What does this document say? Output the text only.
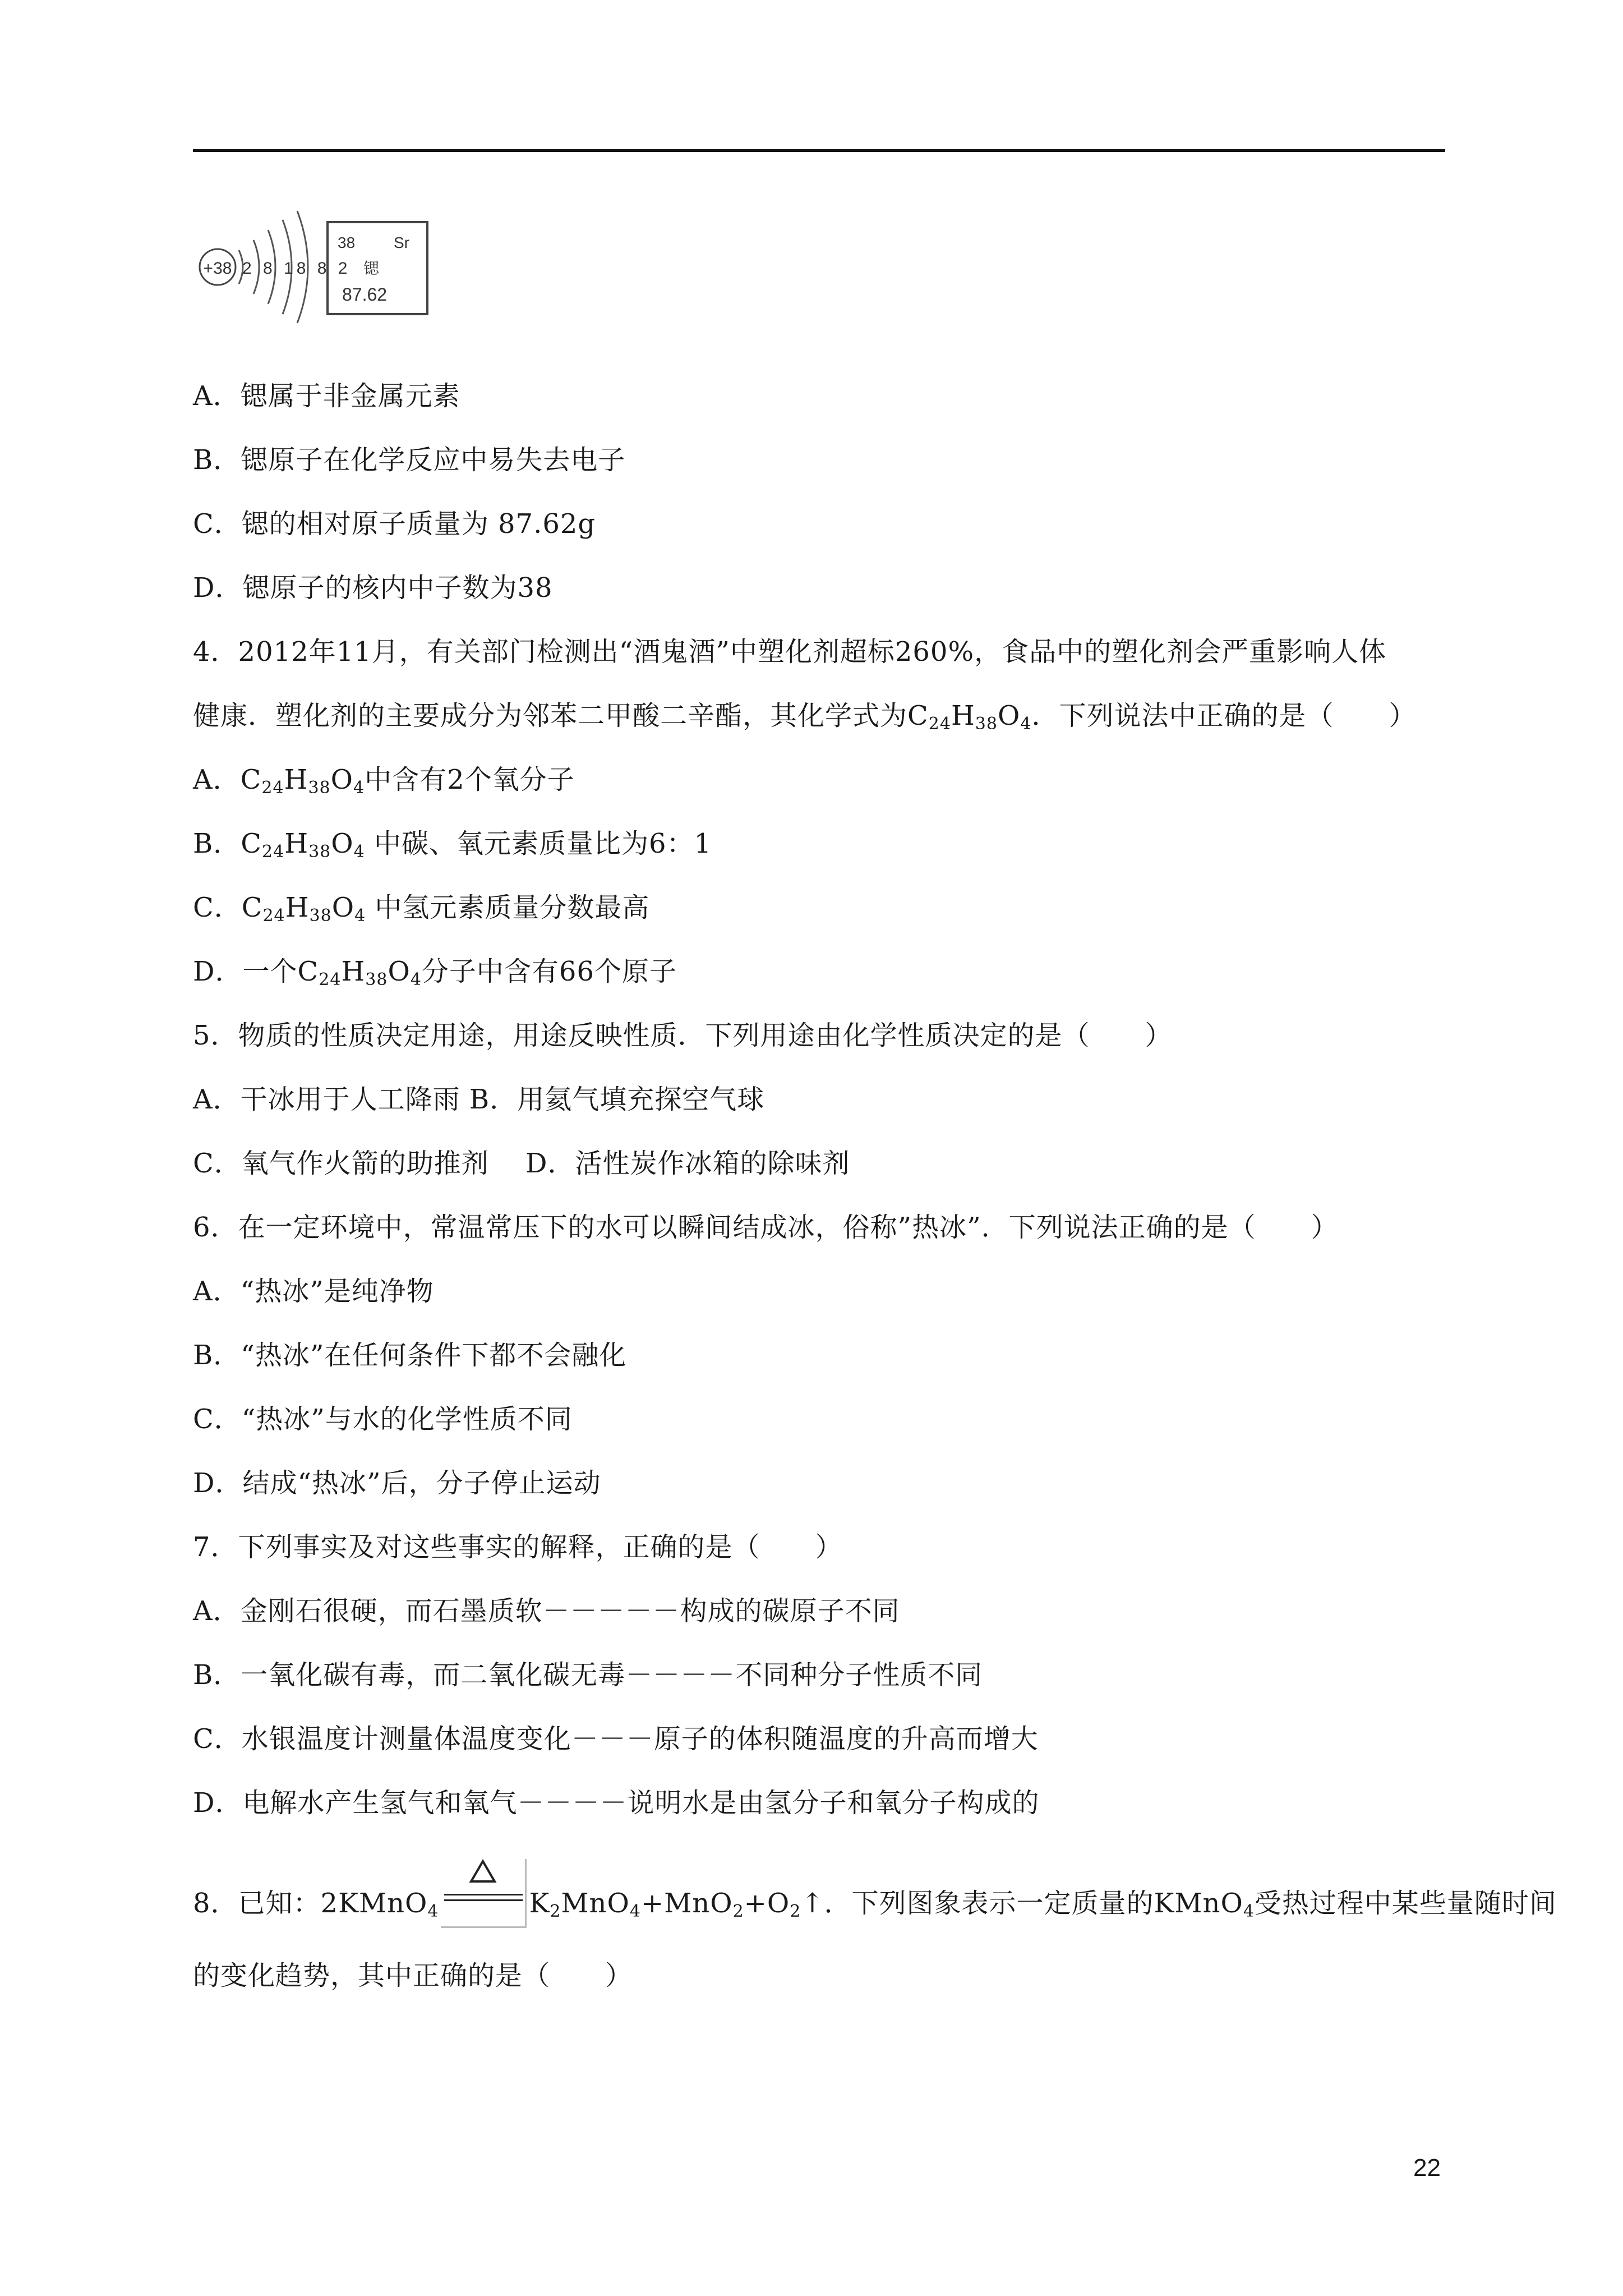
+38 2 8 18 8 2
38 Sr
锶
87.62
A．锶属于非金属元素
B．锶原子在化学反应中易失去电子
C．锶的相对原子质量为 87.62g
D．锶原子的核内中子数为38
4．2012年11月，有关部门检测出“酒鬼酒”中塑化剂超标260%，食品中的塑化剂会严重影响人体
健康．塑化剂的主要成分为邻苯二甲酸二辛酯，其化学式为$C_{24}H_{38}O_4$．下列说法中正确的是（　　）
A．$C_{24}H_{38}O_4$中含有2个氧分子
B．$C_{24}H_{38}O_4$ 中碳、氧元素质量比为6：1
C．$C_{24}H_{38}O_4$ 中氢元素质量分数最高
D．一个$C_{24}H_{38}O_4$分子中含有66个原子
5．物质的性质决定用途，用途反映性质．下列用途由化学性质决定的是（　　）
A．干冰用于人工降雨 B．用氦气填充探空气球
C．氧气作火箭的助推剂　 D．活性炭作冰箱的除味剂
6．在一定环境中，常温常压下的水可以瞬间结成冰，俗称”热冰”．下列说法正确的是（　　）
A．“热冰”是纯净物
B．“热冰”在任何条件下都不会融化
C．“热冰”与水的化学性质不同
D．结成“热冰”后，分子停止运动
7．下列事实及对这些事实的解释，正确的是（　　）
A．金刚石很硬，而石墨质软－－－－－构成的碳原子不同
B．一氧化碳有毒，而二氧化碳无毒－－－－不同种分子性质不同
C．水银温度计测量体温度变化－－－原子的体积随温度的升高而增大
D．电解水产生氢气和氧气－－－－说明水是由氢分子和氧分子构成的
8．已知：2KMnO$_4$	$K_2MnO_4+MnO_2+O_2↑$．下列图象表示一定质量的KMnO$_4$受热过程中某些量随时间
的变化趋势，其中正确的是（　　）
22
